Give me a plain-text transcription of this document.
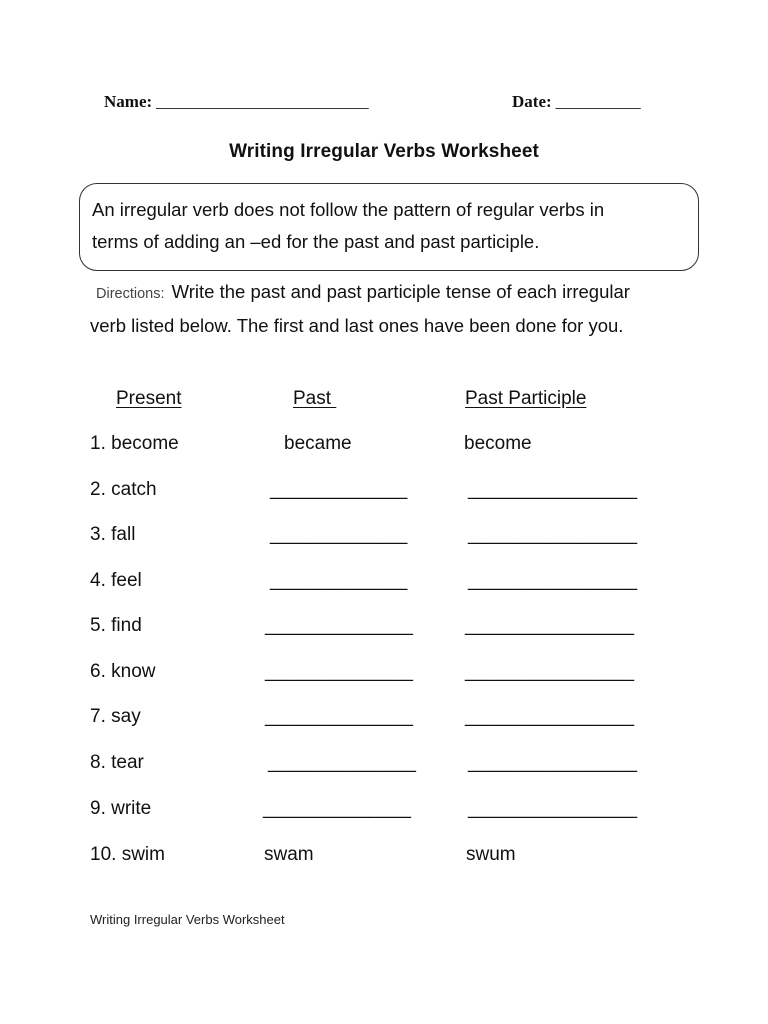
Name: _________________________	Date: __________
Writing Irregular Verbs Worksheet
An irregular verb does not follow the pattern of regular verbs in
terms of adding an –ed for the past and past participle.
Directions: Write the past and past participle tense of each irregular verb listed below. The first and last ones have been done for you.
Present	Past	Past Participle
1. become	became	become
2. catch	_____________	________________
3. fall	_____________	________________
4. feel	_____________	________________
5. find	______________	________________
6. know	______________	________________
7. say	______________	________________
8. tear	______________	________________
9. write	______________	________________
10. swim	swam	swum
Writing Irregular Verbs Worksheet
